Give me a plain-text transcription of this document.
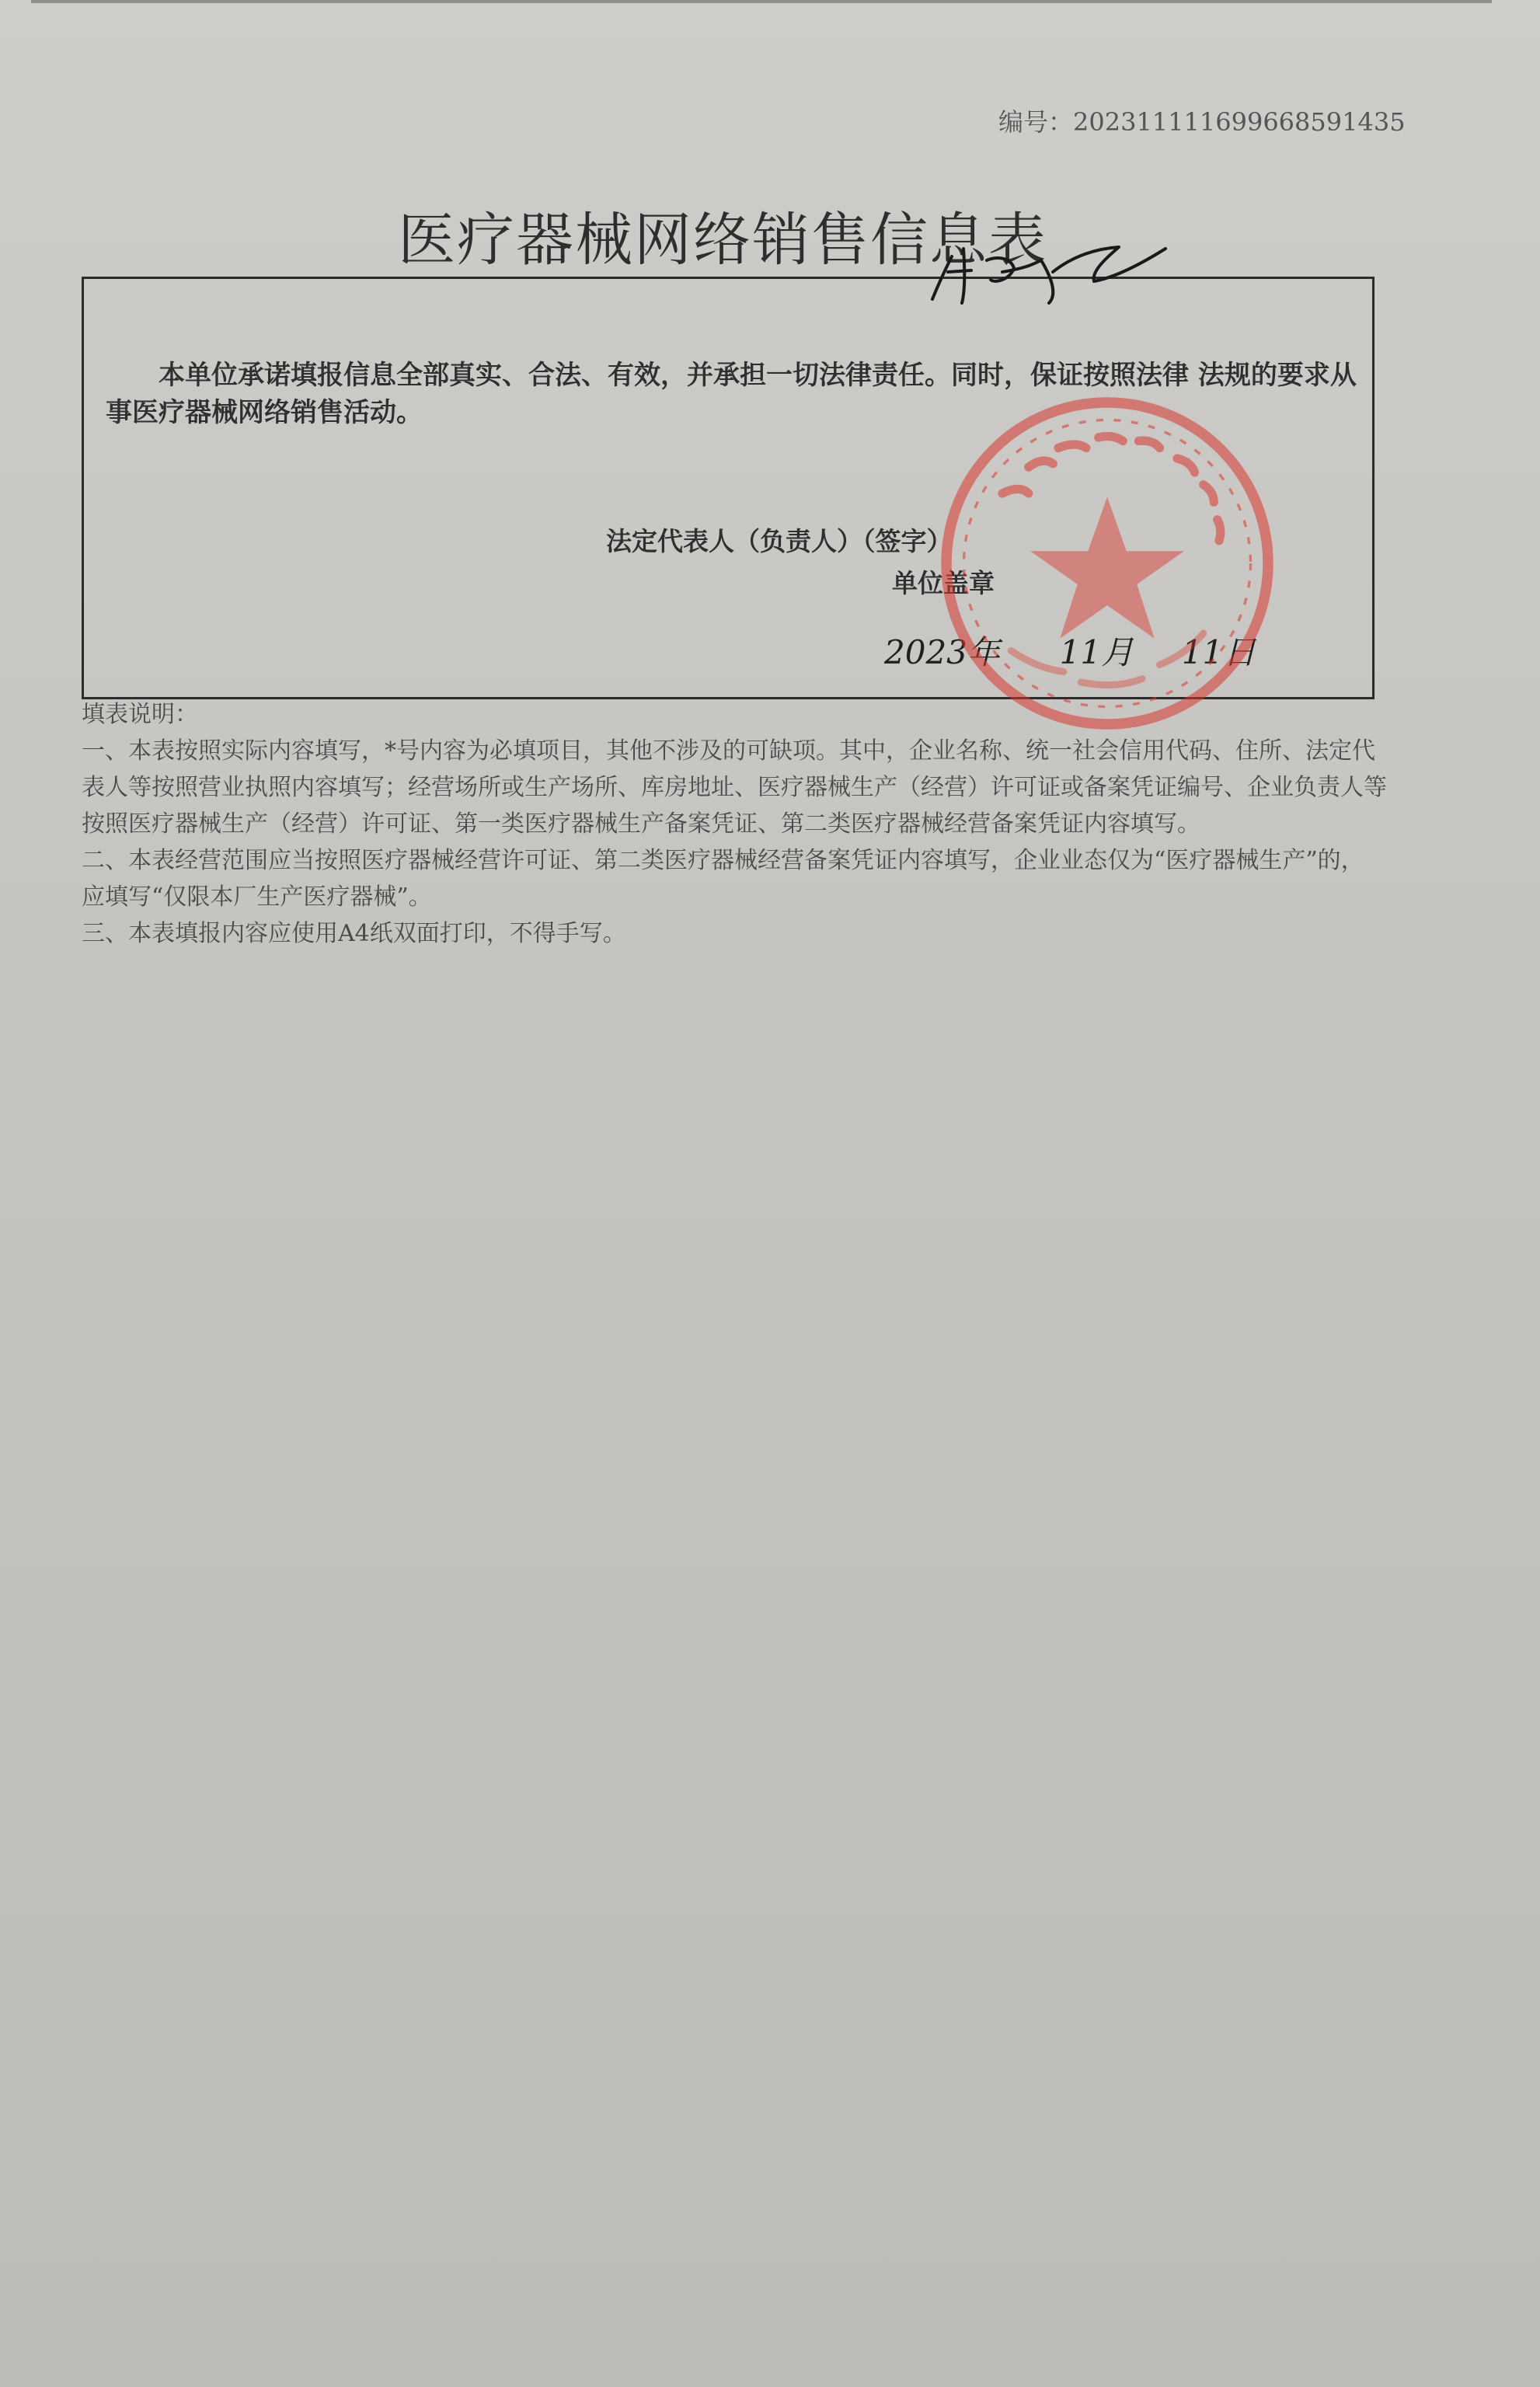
编号：20231111169966859143​5
医疗器械网络销售信息表
本单位承诺填报信息全部真实、合法、有效，并承担一切法律责任。同时，保证按照法律 法规的要求从事医疗器械网络销售活动。
法定代表人（负责人）（签字）
单位盖章
2023年 11月 11日

填表说明：

一、本表按照实际内容填写，*号内容为必填项目，其他不涉及的可缺项。其中，企业名称、统一社会信用代码、住所、法定代表人等按照营业执照内容填写；经营场所或生产场所、库房地址、医疗器械生产（经营）许可证或备案凭证编号、企业负责人等按照医疗器械生产（经营）许可证、第一类医疗器械生产备案凭证、第二类医疗器械经营备案凭证内容填写。

二、本表经营范围应当按照医疗器械经营许可证、第二类医疗器械经营备案凭证内容填写，企业业态仅为“医疗器械生产”的，应填写“仅限本厂生产医疗器械”。

三、本表填报内容应使用A4纸双面打印，不得手写。
